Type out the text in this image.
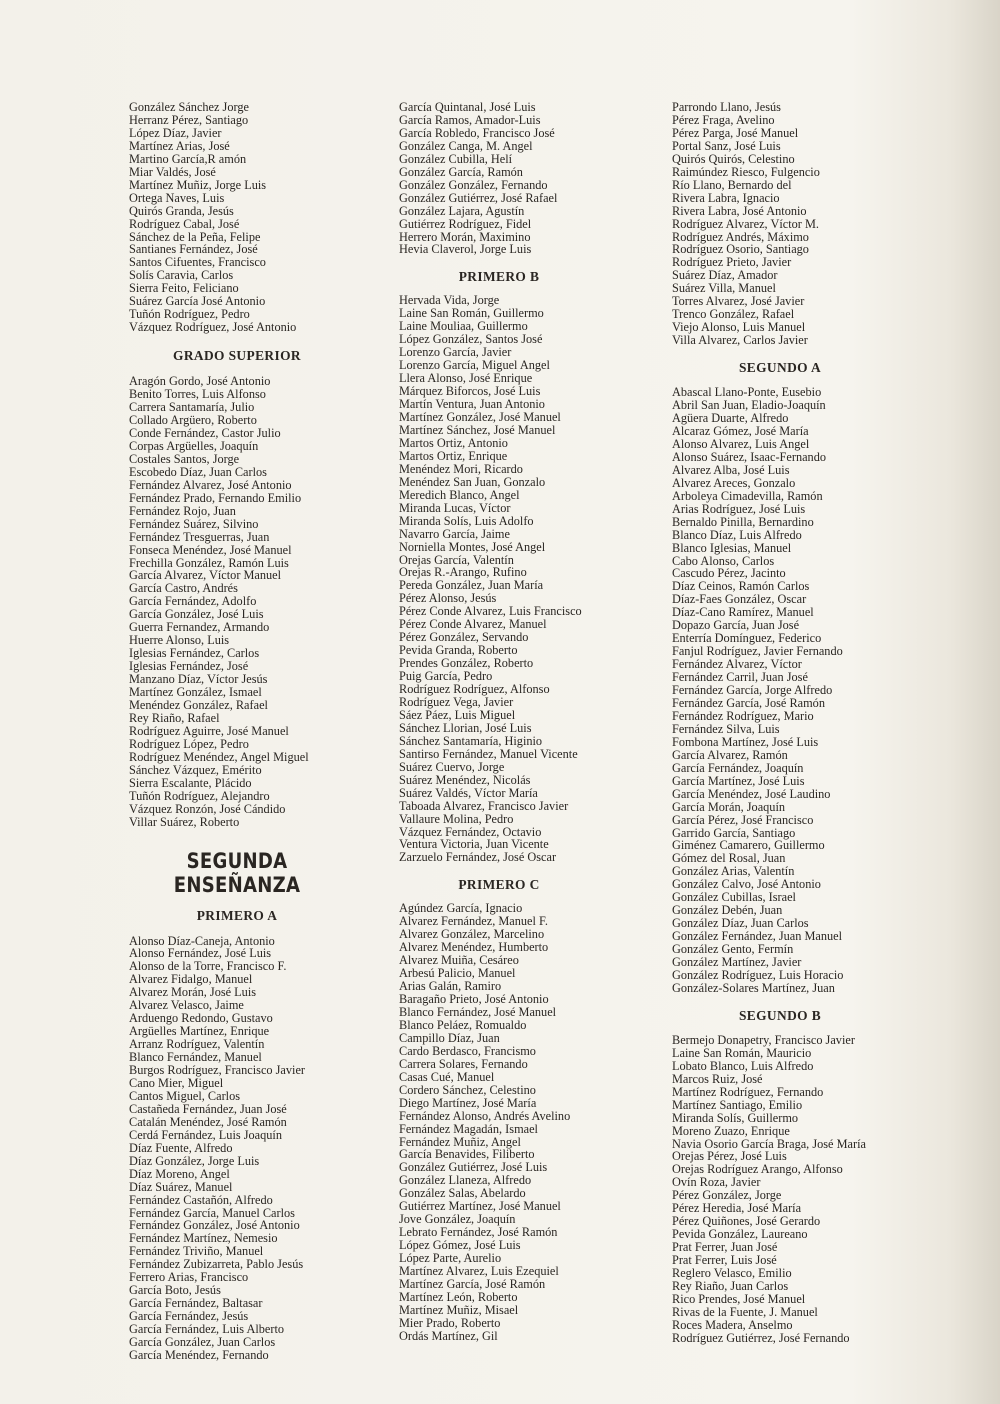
González Sánchez Jorge
Herranz Pérez, Santiago
López Díaz, Javier
Martínez Arias, José
Martino García,R amón
Miar Valdés, José
Martínez Muñiz, Jorge Luis
Ortega Naves, Luis
Quirós Granda, Jesús
Rodríguez Cabal, José
Sánchez de la Peña, Felipe
Santianes Fernández, José
Santos Cifuentes, Francisco
Solís Caravia, Carlos
Sierra Feito, Feliciano
Suárez García José Antonio
Tuñón Rodríguez, Pedro
Vázquez Rodríguez, José Antonio
GRADO SUPERIOR
Aragón Gordo, José Antonio
Benito Torres, Luis Alfonso
Carrera Santamaría, Julio
Collado Argüero, Roberto
Conde Fernández, Castor Julio
Corpas Argüelles, Joaquín
Costales Santos, Jorge
Escobedo Díaz, Juan Carlos
Fernández Alvarez, José Antonio
Fernández Prado, Fernando Emilio
Fernández Rojo, Juan
Fernández Suárez, Silvino
Fernández Tresguerras, Juan
Fonseca Menéndez, José Manuel
Frechilla González, Ramón Luis
García Alvarez, Víctor Manuel
García Castro, Andrés
García Fernández, Adolfo
García González, José Luis
Guerra Fernandez, Armando
Huerre Alonso, Luis
Iglesias Fernández, Carlos
Iglesias Fernández, José
Manzano Díaz, Víctor Jesús
Martínez González, Ismael
Menéndez González, Rafael
Rey Riaño, Rafael
Rodríguez Aguirre, José Manuel
Rodríguez López, Pedro
Rodríguez Menéndez, Angel Miguel
Sánchez Vázquez, Emérito
Sierra Escalante, Plácido
Tuñón Rodríguez, Alejandro
Vázquez Ronzón, José Cándido
Villar Suárez, Roberto
SEGUNDA ENSEÑANZA
PRIMERO A
Alonso Díaz-Caneja, Antonio
Alonso Fernández, José Luis
Alonso de la Torre, Francisco F.
Alvarez Fidalgo, Manuel
Alvarez Morán, José Luis
Alvarez Velasco, Jaime
Arduengo Redondo, Gustavo
Argüelles Martínez, Enrique
Arranz Rodríguez, Valentín
Blanco Fernández, Manuel
Burgos Rodríguez, Francisco Javier
Cano Mier, Miguel
Cantos Miguel, Carlos
Castañeda Fernández, Juan José
Catalán Menéndez, José Ramón
Cerdá Fernández, Luis Joaquín
Díaz Fuente, Alfredo
Díaz González, Jorge Luis
Díaz Moreno, Angel
Díaz Suárez, Manuel
Fernández Castañón, Alfredo
Fernández García, Manuel Carlos
Fernández González, José Antonio
Fernández Martínez, Nemesio
Fernández Triviño, Manuel
Fernández Zubizarreta, Pablo Jesús
Ferrero Arias, Francisco
García Boto, Jesús
García Fernández, Baltasar
García Fernández, Jesús
García Fernández, Luis Alberto
García González, Juan Carlos
García Menéndez, Fernando
García Quintanal, José Luis
García Ramos, Amador-Luis
García Robledo, Francisco José
González Canga, M. Angel
González Cubilla, Helí
González García, Ramón
González González, Fernando
González Gutiérrez, José Rafael
González Lajara, Agustín
Gutiérrez Rodríguez, Fidel
Herrero Morán, Maximino
Hevia Claverol, Jorge Luis
PRIMERO B
Hervada Vida, Jorge
Laine San Román, Guillermo
Laine Mouliaa, Guillermo
López González, Santos José
Lorenzo García, Javier
Lorenzo García, Miguel Angel
Llera Alonso, José Enrique
Márquez Biforcos, José Luis
Martín Ventura, Juan Antonio
Martínez González, José Manuel
Martínez Sánchez, José Manuel
Martos Ortiz, Antonio
Martos Ortiz, Enrique
Menéndez Mori, Ricardo
Menéndez San Juan, Gonzalo
Meredich Blanco, Angel
Miranda Lucas, Víctor
Miranda Solís, Luis Adolfo
Navarro García, Jaime
Norniella Montes, José Angel
Orejas García, Valentín
Orejas R.-Arango, Rufino
Pereda González, Juan María
Pérez Alonso, Jesús
Pérez Conde Alvarez, Luis Francisco
Pérez Conde Alvarez, Manuel
Pérez González, Servando
Pevida Granda, Roberto
Prendes González, Roberto
Puig García, Pedro
Rodríguez Rodríguez, Alfonso
Rodríguez Vega, Javier
Sáez Páez, Luis Miguel
Sánchez Llorian, José Luis
Sánchez Santamaría, Higinio
Santirso Fernández, Manuel Vicente
Suárez Cuervo, Jorge
Suárez Menéndez, Nicolás
Suárez Valdés, Víctor María
Taboada Alvarez, Francisco Javier
Vallaure Molina, Pedro
Vázquez Fernández, Octavio
Ventura Victoria, Juan Vicente
Zarzuelo Fernández, José Oscar
PRIMERO C
Agúndez García, Ignacio
Alvarez Fernández, Manuel F.
Alvarez González, Marcelino
Alvarez Menéndez, Humberto
Alvarez Muiña, Cesáreo
Arbesú Palicio, Manuel
Arias Galán, Ramiro
Baragaño Prieto, José Antonio
Blanco Fernández, José Manuel
Blanco Peláez, Romualdo
Campillo Díaz, Juan
Cardo Berdasco, Francismo
Carrera Solares, Fernando
Casas Cué, Manuel
Cordero Sánchez, Celestino
Diego Martínez, José María
Fernández Alonso, Andrés Avelino
Fernández Magadán, Ismael
Fernández Muñiz, Angel
García Benavides, Filiberto
González Gutiérrez, José Luis
González Llaneza, Alfredo
González Salas, Abelardo
Gutiérrez Martínez, José Manuel
Jove González, Joaquín
Lebrato Fernández, José Ramón
López Gómez, José Luis
López Parte, Aurelio
Martínez Alvarez, Luis Ezequiel
Martínez García, José Ramón
Martínez León, Roberto
Martínez Muñiz, Misael
Mier Prado, Roberto
Ordás Martínez, Gil
Parrondo Llano, Jesús
Pérez Fraga, Avelino
Pérez Parga, José Manuel
Portal Sanz, José Luis
Quirós Quirós, Celestino
Raimúndez Riesco, Fulgencio
Río Llano, Bernardo del
Rivera Labra, Ignacio
Rivera Labra, José Antonio
Rodríguez Alvarez, Víctor M.
Rodríguez Andrés, Máximo
Rodríguez Osorio, Santiago
Rodríguez Prieto, Javier
Suárez Díaz, Amador
Suárez Villa, Manuel
Torres Alvarez, José Javier
Trenco González, Rafael
Viejo Alonso, Luis Manuel
Villa Alvarez, Carlos Javier
SEGUNDO A
Abascal Llano-Ponte, Eusebio
Abril San Juan, Eladio-Joaquín
Agüera Duarte, Alfredo
Alcaraz Gómez, José María
Alonso Alvarez, Luis Angel
Alonso Suárez, Isaac-Fernando
Alvarez Alba, José Luis
Alvarez Areces, Gonzalo
Arboleya Cimadevilla, Ramón
Arias Rodríguez, José Luis
Bernaldo Pinilla, Bernardino
Blanco Díaz, Luis Alfredo
Blanco Iglesias, Manuel
Cabo Alonso, Carlos
Cascudo Pérez, Jacinto
Díaz Ceinos, Ramón Carlos
Díaz-Faes González, Oscar
Díaz-Cano Ramírez, Manuel
Dopazo García, Juan José
Enterría Domínguez, Federico
Fanjul Rodríguez, Javier Fernando
Fernández Alvarez, Víctor
Fernández Carril, Juan José
Fernández García, Jorge Alfredo
Fernández García, José Ramón
Fernández Rodríguez, Mario
Fernández Silva, Luis
Fombona Martínez, José Luis
García Alvarez, Ramón
García Fernández, Joaquín
García Martínez, José Luis
García Menéndez, José Laudino
García Morán, Joaquín
García Pérez, José Francisco
Garrido García, Santiago
Giménez Camarero, Guillermo
Gómez del Rosal, Juan
González Arias, Valentín
González Calvo, José Antonio
González Cubillas, Israel
González Debén, Juan
González Díaz, Juan Carlos
González Fernández, Juan Manuel
González Gento, Fermín
González Martínez, Javier
González Rodríguez, Luis Horacio
González-Solares Martínez, Juan
SEGUNDO B
Bermejo Donapetry, Francisco Javier
Laine San Román, Mauricio
Lobato Blanco, Luis Alfredo
Marcos Ruiz, José
Martínez Rodríguez, Fernando
Martínez Santiago, Emilio
Miranda Solís, Guillermo
Moreno Zuazo, Enrique
Navia Osorio García Braga, José María
Orejas Pérez, José Luis
Orejas Rodríguez Arango, Alfonso
Ovín Roza, Javier
Pérez González, Jorge
Pérez Heredia, José María
Pérez Quiñones, José Gerardo
Pevida González, Laureano
Prat Ferrer, Juan José
Prat Ferrer, Luis José
Reglero Velasco, Emilio
Rey Riaño, Juan Carlos
Rico Prendes, José Manuel
Rivas de la Fuente, J. Manuel
Roces Madera, Anselmo
Rodríguez Gutiérrez, José Fernando
